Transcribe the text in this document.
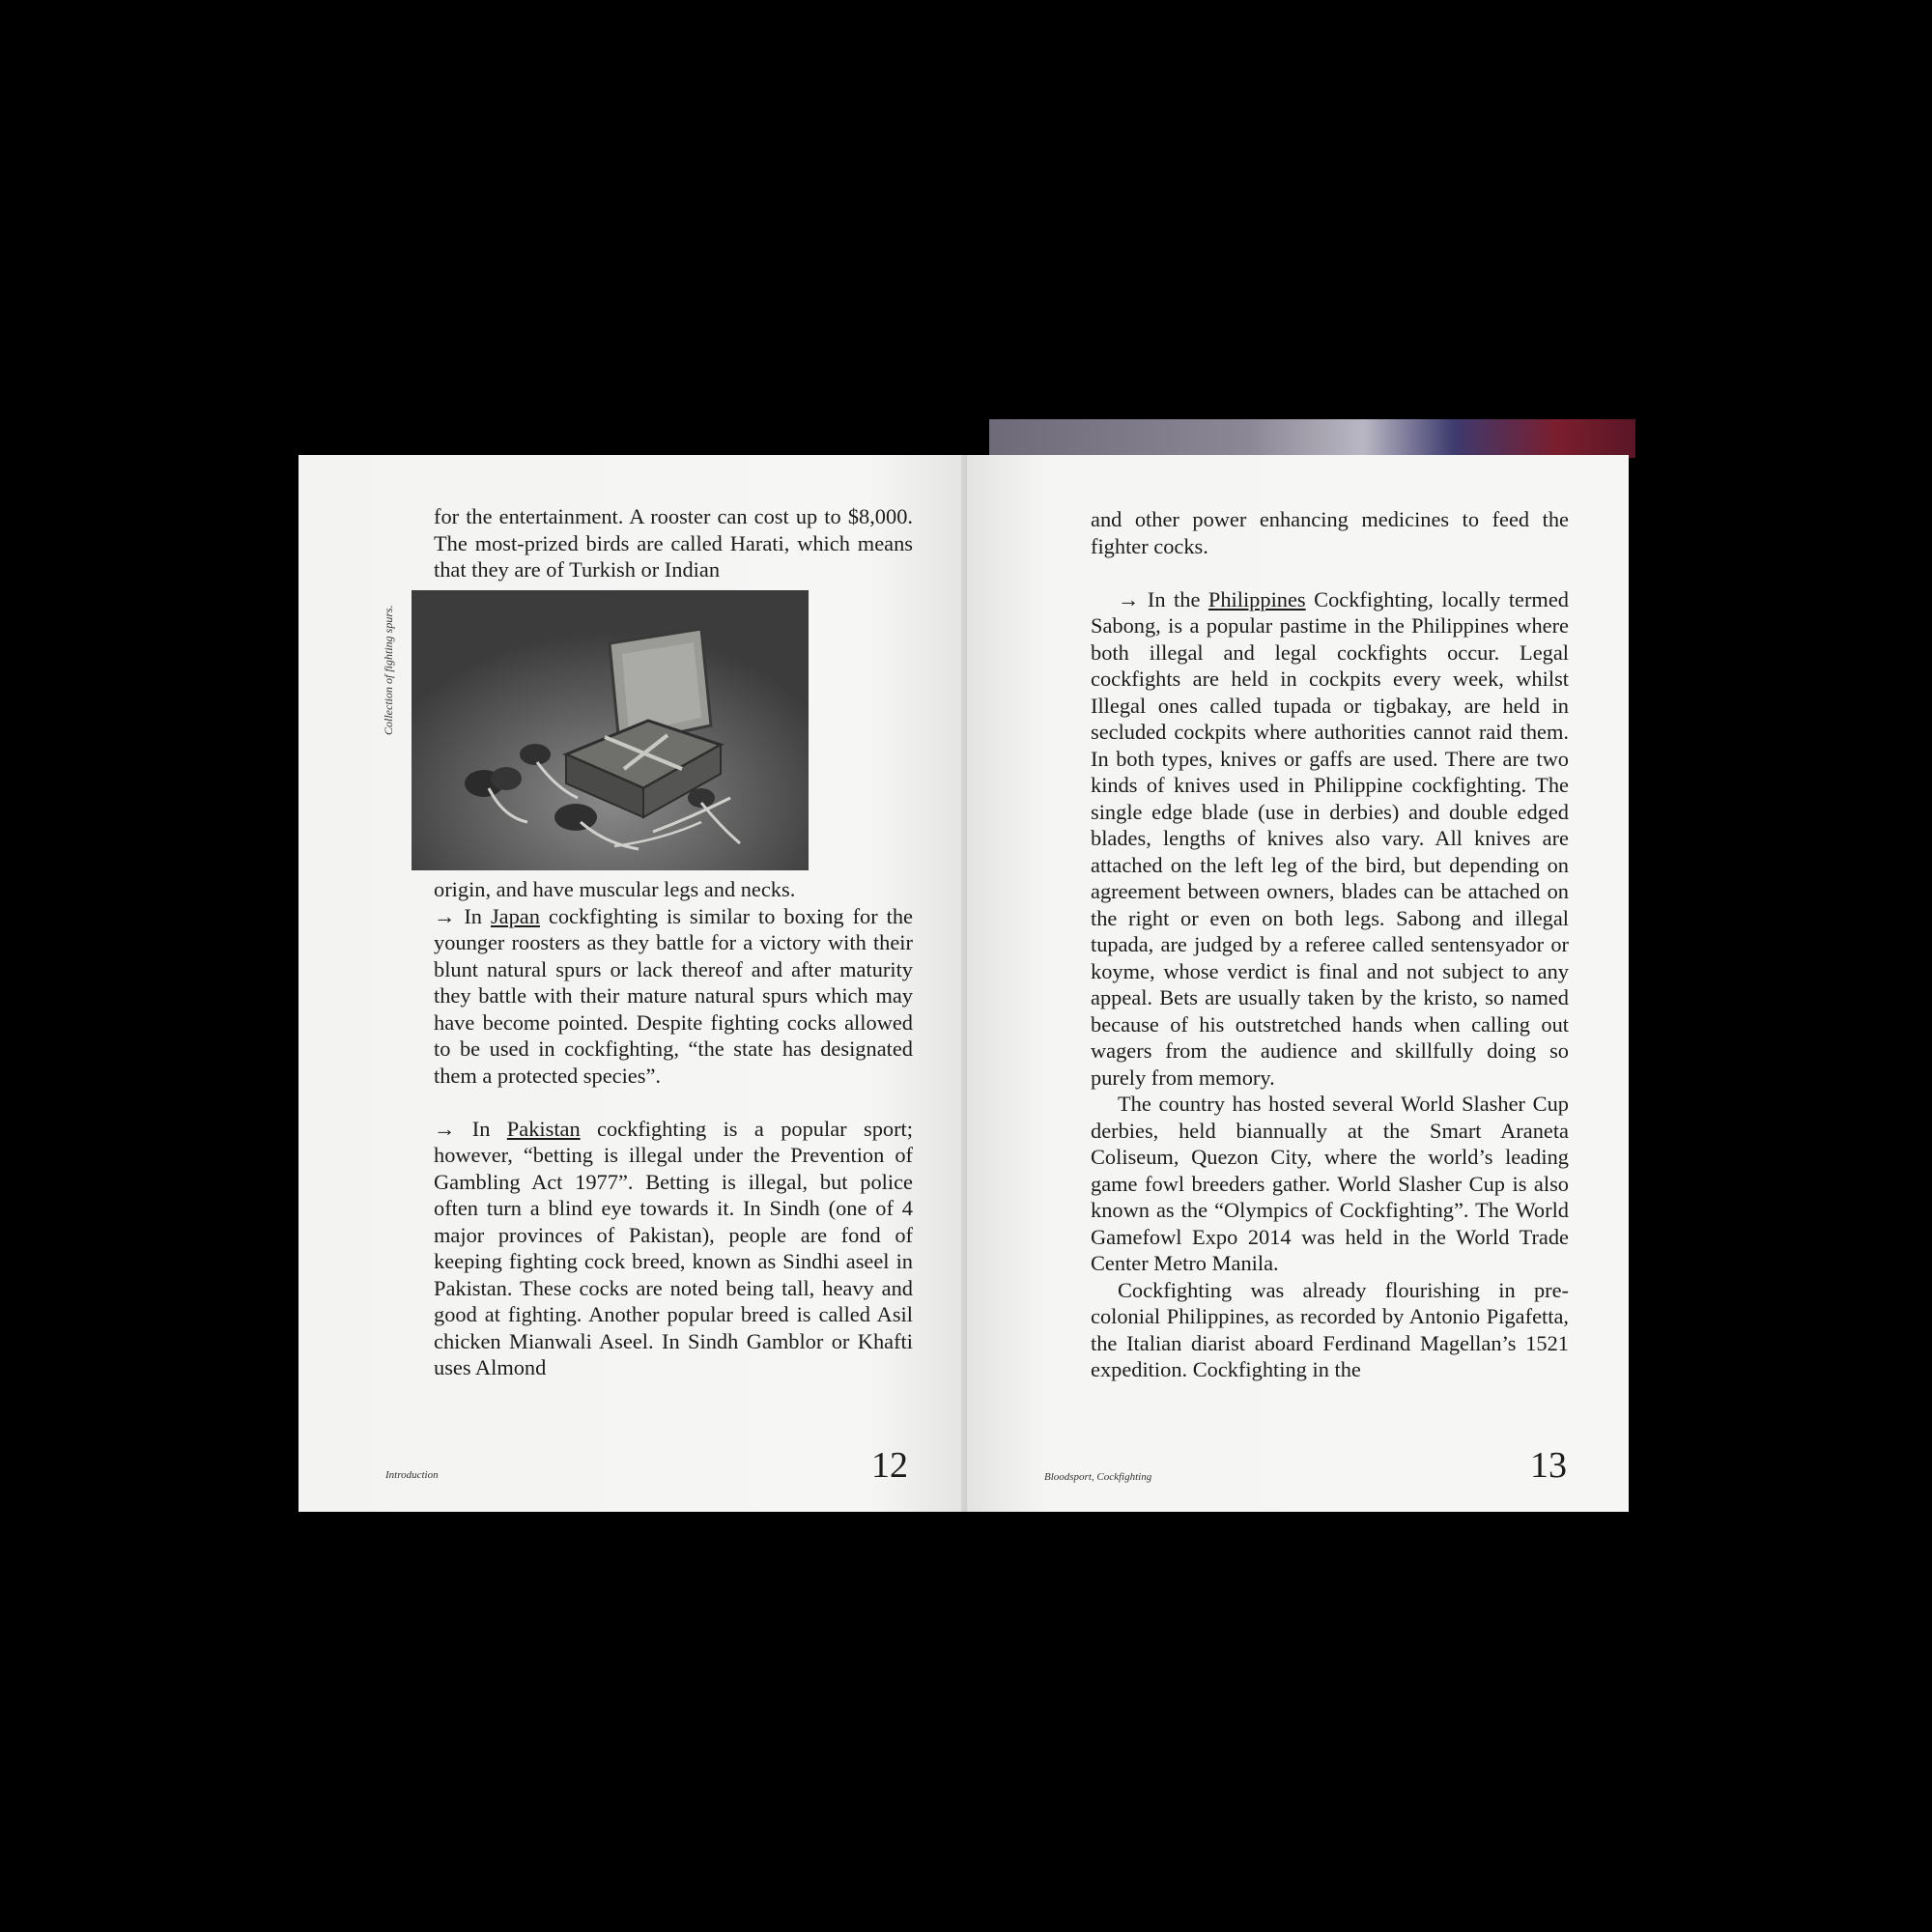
for the entertainment. A rooster can cost up to $8,000. The most-prized birds are called Harati, which means that they are of Turkish or Indian

Collection of fighting spurs.

origin, and have muscular legs and necks.

→ In Japan cockfighting is similar to boxing for the younger roosters as they battle for a victory with their blunt natural spurs or lack thereof and after maturity they battle with their mature natural spurs which may have become pointed. Despite fighting cocks allowed to be used in cockfighting, “the state has designated them a protected species”.

→ In Pakistan cockfighting is a popular sport; however, “betting is illegal under the Prevention of Gambling Act 1977”. Betting is illegal, but police often turn a blind eye towards it. In Sindh (one of 4 major provinces of Pakistan), people are fond of keeping fighting cock breed, known as Sindhi aseel in Pakistan. These cocks are noted being tall, heavy and good at fighting. Another popular breed is called Asil chicken Mianwali Aseel. In Sindh Gamblor or Khafti uses Almond

Introduction	12

and other power enhancing medicines to feed the fighter cocks.

→ In the Philippines Cockfighting, locally termed Sabong, is a popular pastime in the Philippines where both illegal and legal cockfights occur. Legal cockfights are held in cockpits every week, whilst Illegal ones called tupada or tigbakay, are held in secluded cockpits where authorities cannot raid them. In both types, knives or gaffs are used. There are two kinds of knives used in Philippine cockfighting. The single edge blade (use in derbies) and double edged blades, lengths of knives also vary. All knives are attached on the left leg of the bird, but depending on agreement between owners, blades can be attached on the right or even on both legs. Sabong and illegal tupada, are judged by a referee called sentensyador or koyme, whose verdict is final and not subject to any appeal. Bets are usually taken by the kristo, so named because of his outstretched hands when calling out wagers from the audience and skillfully doing so purely from memory.

The country has hosted several World Slasher Cup derbies, held biannually at the Smart Araneta Coliseum, Quezon City, where the world’s leading game fowl breeders gather. World Slasher Cup is also known as the “Olympics of Cockfighting”. The World Gamefowl Expo 2014 was held in the World Trade Center Metro Manila.

Cockfighting was already flourishing in pre-colonial Philippines, as recorded by Antonio Pigafetta, the Italian diarist aboard Ferdinand Magellan’s 1521 expedition. Cockfighting in the

Bloodsport, Cockfighting	13
